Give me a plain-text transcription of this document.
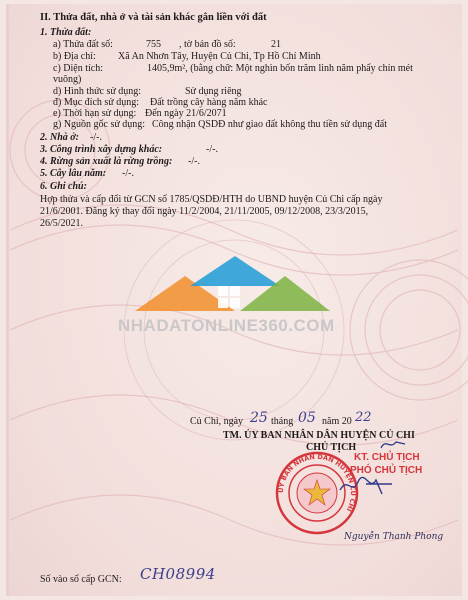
II. Thửa đất, nhà ở và tài sản khác gắn liền với đất
1. Thửa đất:
a) Thửa đất số:	755 , tờ bản đồ số:	21
b) Địa chỉ: Xã An Nhơn Tây, Huyện Củ Chi, Tp Hồ Chí Minh
c) Diện tích:	1405,9m², (bằng chữ: Một nghìn bốn trăm linh năm phẩy chín mét
vuông)
d) Hình thức sử dụng:	Sử dụng riêng
đ) Mục đích sử dụng: Đất trồng cây hàng năm khác
e) Thời hạn sử dụng: Đến ngày 21/6/2071
g) Nguồn gốc sử dụng: Công nhận QSDĐ như giao đất không thu tiền sử dụng đất
2. Nhà ở: -/-.
3. Công trình xây dựng khác:	-/-.
4. Rừng sản xuất là rừng trồng: -/-.
5. Cây lâu năm: -/-.
6. Ghi chú:
Hợp thửa và cấp đổi từ GCN số 1785/QSDĐ/HTH do UBND huyện Củ Chi cấp ngày
21/6/2001. Đăng ký thay đổi ngày 11/2/2004, 21/11/2005, 09/12/2008, 23/3/2015,
26/5/2021.
NHADATONLINE360.COM
Củ Chi, ngày 25 tháng 05 năm 20 22
TM. ỦY BAN NHÂN DÂN HUYỆN CỦ CHI
CHỦ TỊCH
KT. CHỦ TỊCH
PHÓ CHỦ TỊCH
ỦY BAN NHÂN DÂN HUYỆN CỦ CHI
Nguyễn Thanh Phong
Số vào sổ cấp GCN: CH08994
